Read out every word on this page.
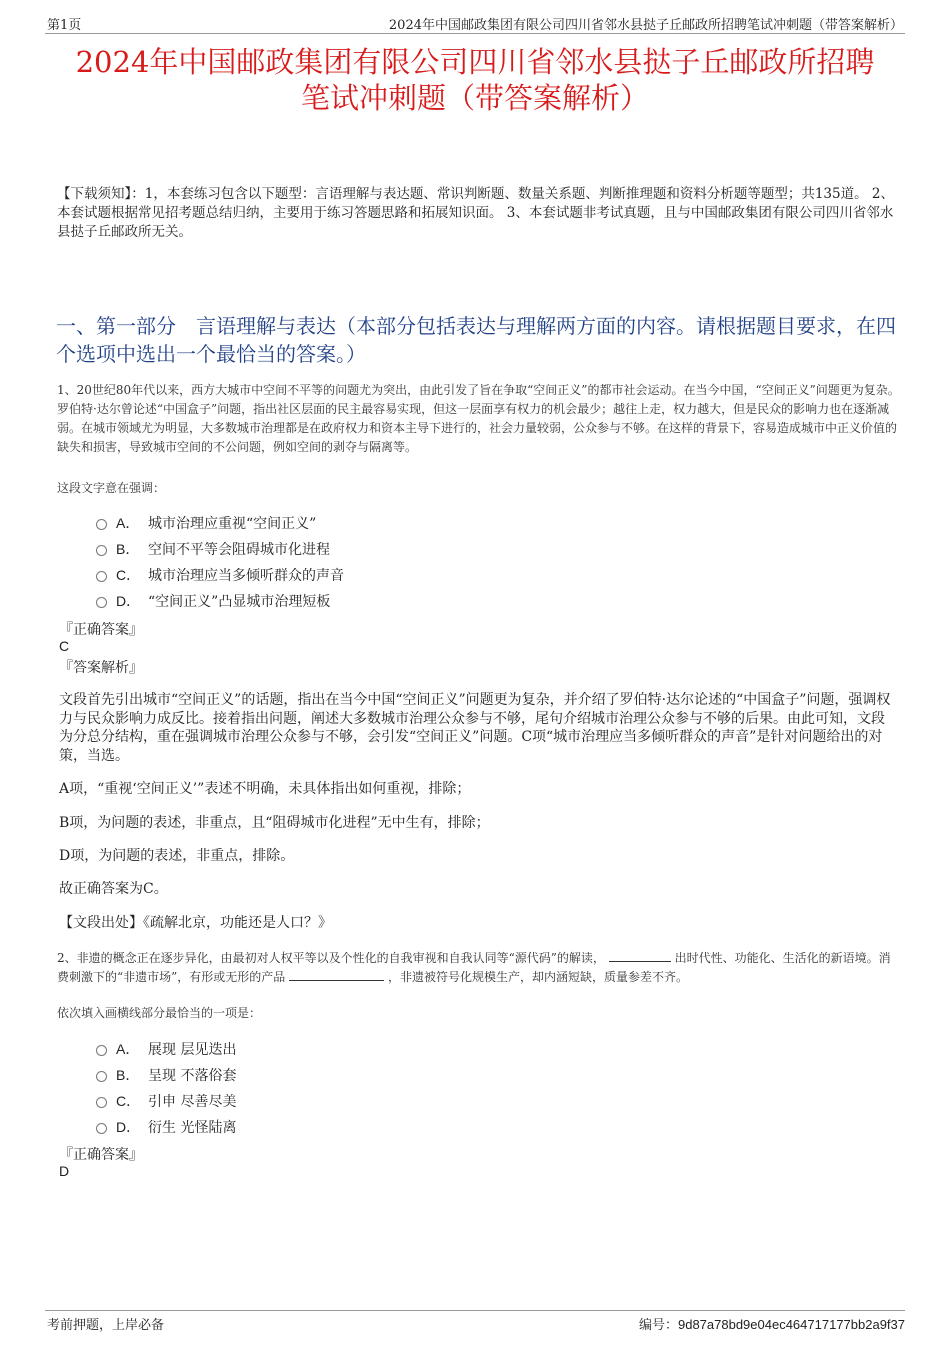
第1页	2024年中国邮政集团有限公司四川省邻水县挞子丘邮政所招聘笔试冲刺题（带答案解析）
2024年中国邮政集团有限公司四川省邻水县挞子丘邮政所招聘
笔试冲刺题（带答案解析）
【下载须知】：1，本套练习包含以下题型：言语理解与表达题、常识判断题、数量关系题、判断推理题和资料分析题等题型；共135道。 2、本套试题根据常见招考题总结归纳，主要用于练习答题思路和拓展知识面。 3、本套试题非考试真题，且与中国邮政集团有限公司四川省邻水县挞子丘邮政所无关。
一、第一部分　言语理解与表达（本部分包括表达与理解两方面的内容。请根据题目要求，在四个选项中选出一个最恰当的答案。）
1、20世纪80年代以来，西方大城市中空间不平等的问题尤为突出，由此引发了旨在争取“空间正义”的都市社会运动。在当今中国，“空间正义”问题更为复杂。罗伯特·达尔曾论述“中国盒子”问题，指出社区层面的民主最容易实现，但这一层面享有权力的机会最少；越往上走，权力越大，但是民众的影响力也在逐渐减弱。在城市领域尤为明显，大多数城市治理都是在政府权力和资本主导下进行的，社会力量较弱，公众参与不够。在这样的背景下，容易造成城市中正义价值的缺失和损害，导致城市空间的不公问题，例如空间的剥夺与隔离等。
这段文字意在强调：
A． 城市治理应重视“空间正义”
B． 空间不平等会阻碍城市化进程
C． 城市治理应当多倾听群众的声音
D． “空间正义”凸显城市治理短板
『正确答案』
C
『答案解析』
文段首先引出城市“空间正义”的话题，指出在当今中国“空间正义”问题更为复杂，并介绍了罗伯特·达尔论述的“中国盒子”问题，强调权力与民众影响力成反比。接着指出问题，阐述大多数城市治理公众参与不够，尾句介绍城市治理公众参与不够的后果。由此可知，文段为分总分结构，重在强调城市治理公众参与不够，会引发“空间正义”问题。C项“城市治理应当多倾听群众的声音”是针对问题给出的对策，当选。
A项，“重视‘空间正义’”表述不明确，未具体指出如何重视，排除；
B项，为问题的表述，非重点，且“阻碍城市化进程”无中生有，排除；
D项，为问题的表述，非重点，排除。
故正确答案为C。
【文段出处】《疏解北京，功能还是人口？》
2、非遗的概念正在逐步异化，由最初对人权平等以及个性化的自我审视和自我认同等“源代码”的解读，	出时代性、功能化、生活化的新语境。消费刺激下的“非遗市场”，有形或无形的产品	，非遗被符号化规模生产，却内涵短缺，质量参差不齐。
依次填入画横线部分最恰当的一项是：
A． 展现 层见迭出
B． 呈现 不落俗套
C． 引申 尽善尽美
D． 衍生 光怪陆离
『正确答案』
D
考前押题，上岸必备	编号：9d87a78bd9e04ec464717177bb2a9f37
